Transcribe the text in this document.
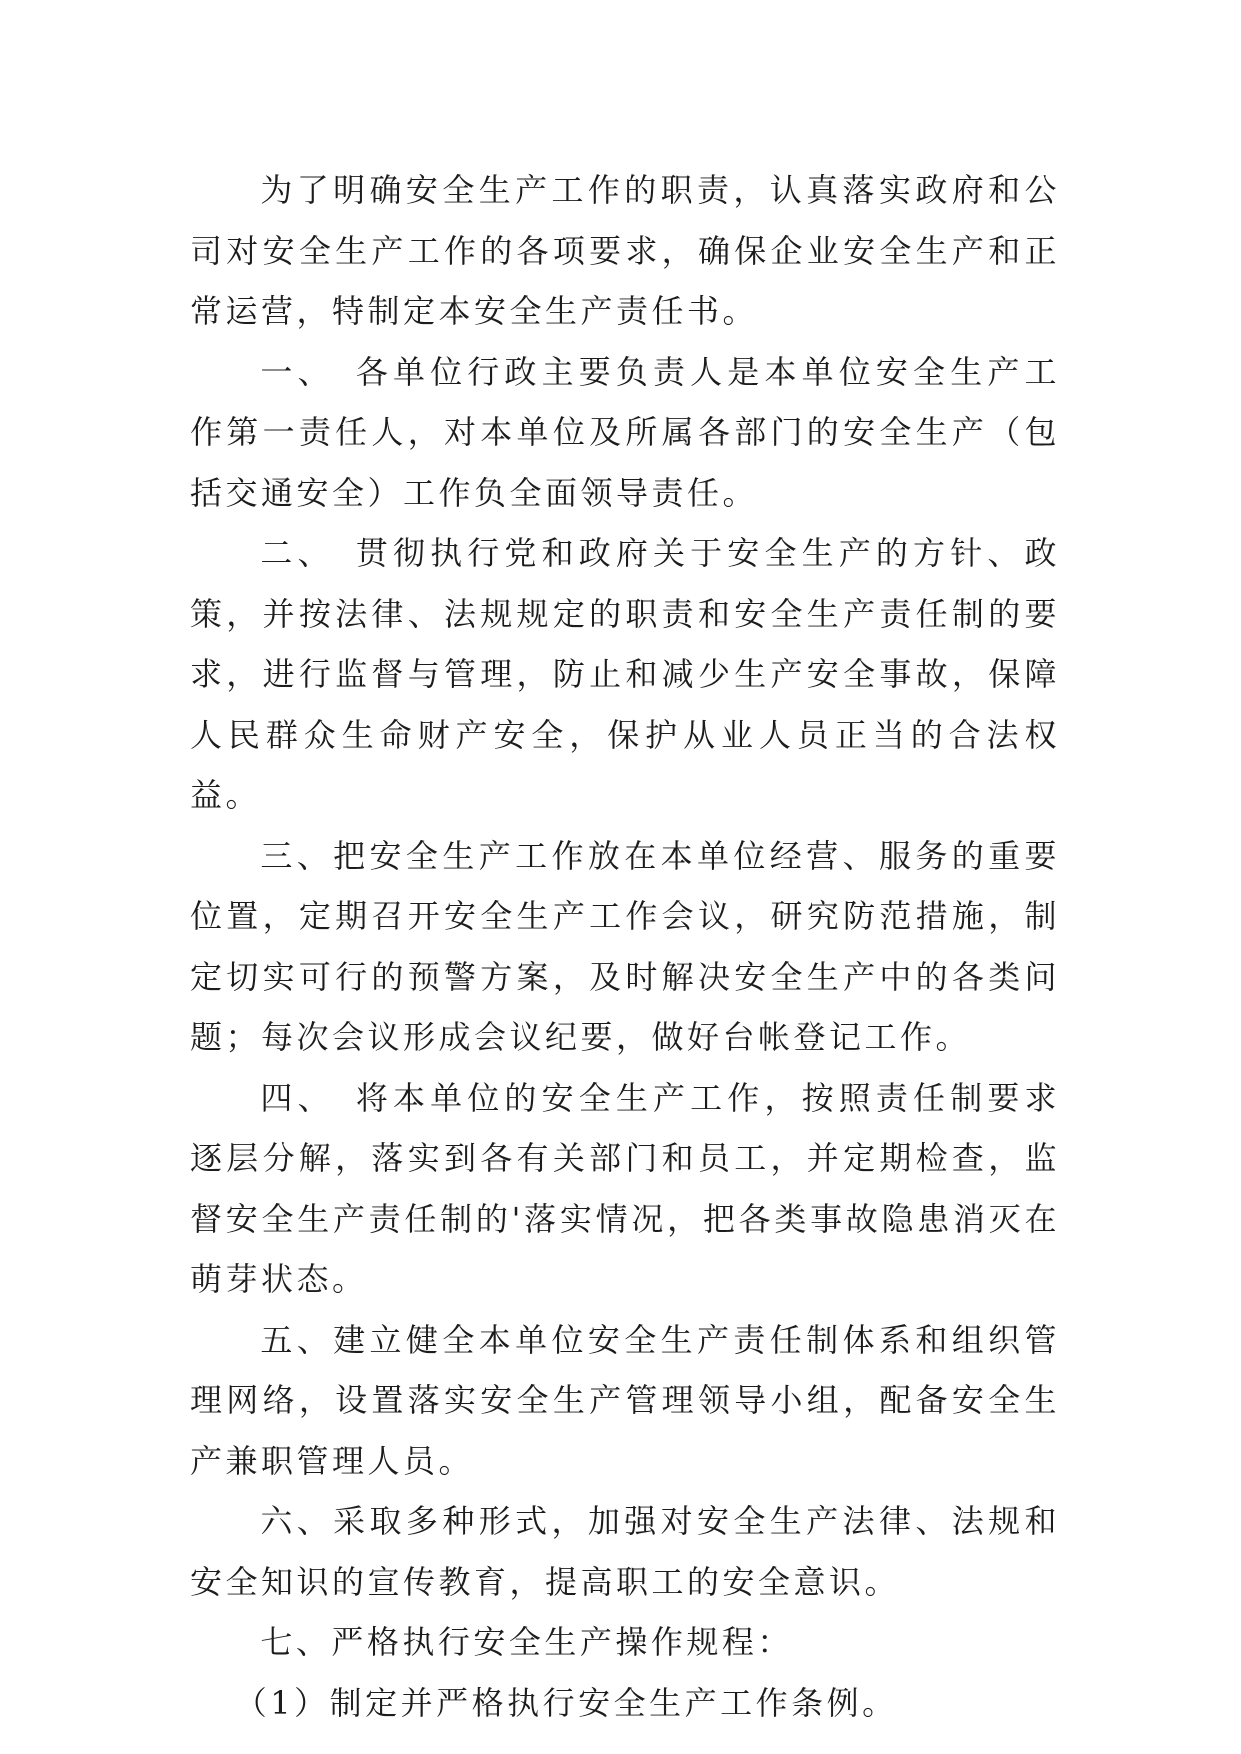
为了明确安全生产工作的职责，认真落实政府和公司对安全生产工作的各项要求，确保企业安全生产和正常运营，特制定本安全生产责任书。

一、　各单位行政主要负责人是本单位安全生产工作第一责任人，对本单位及所属各部门的安全生产（包括交通安全）工作负全面领导责任。

二、　贯彻执行党和政府关于安全生产的方针、政策，并按法律、法规规定的职责和安全生产责任制的要求，进行监督与管理，防止和减少生产安全事故，保障人民群众生命财产安全，保护从业人员正当的合法权益。

三、把安全生产工作放在本单位经营、服务的重要位置，定期召开安全生产工作会议，研究防范措施，制定切实可行的预警方案，及时解决安全生产中的各类问题；每次会议形成会议纪要，做好台帐登记工作。

四、　将本单位的安全生产工作，按照责任制要求逐层分解，落实到各有关部门和员工，并定期检查，监督安全生产责任制的'落实情况，把各类事故隐患消灭在萌芽状态。

五、建立健全本单位安全生产责任制体系和组织管理网络，设置落实安全生产管理领导小组，配备安全生产兼职管理人员。

六、采取多种形式，加强对安全生产法律、法规和安全知识的宣传教育，提高职工的安全意识。

七、严格执行安全生产操作规程：

（1）制定并严格执行安全生产工作条例。
